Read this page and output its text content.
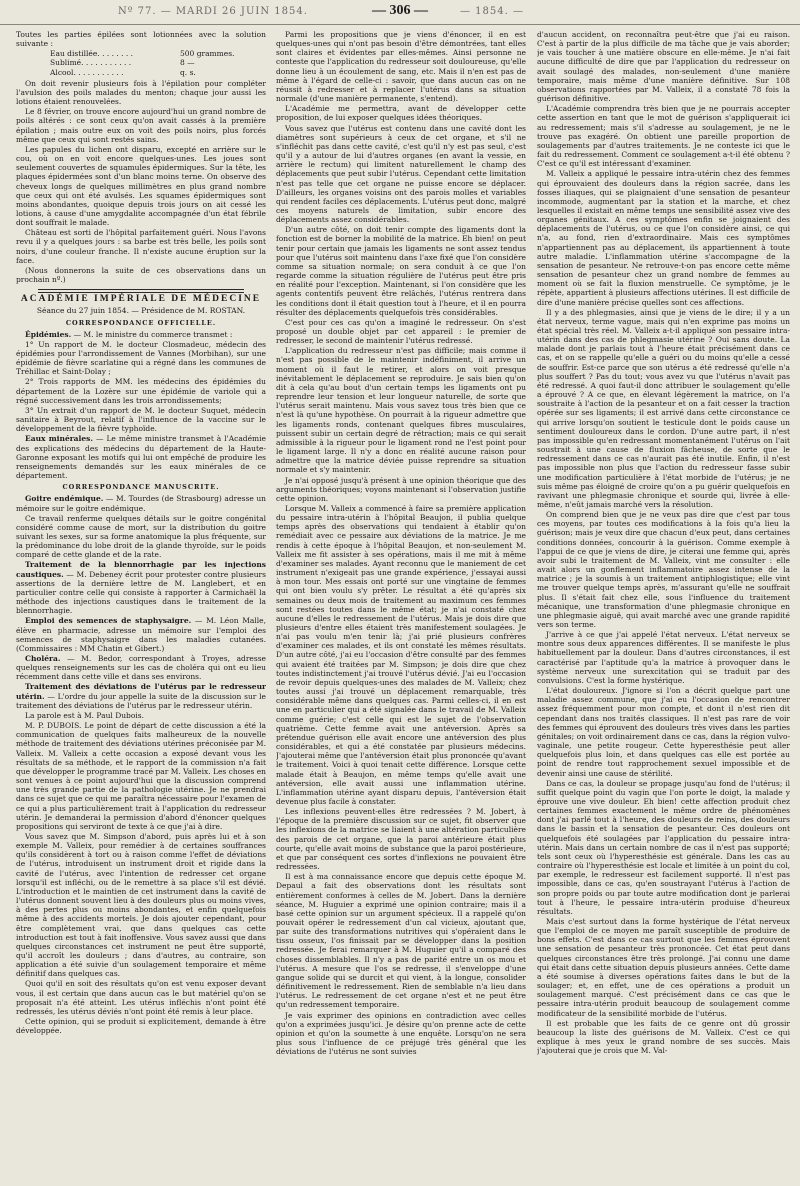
Nº 77. — MARDI 26 JUIN 1854.	— 306 —	— 1854. —

Toutes les parties épilées sont lotionnées avec la solution suivante :

Eau distillée. . . . . . . .	500 grammes.
Sublimé. . . . . . . . . . .	8 —
Alcool. . . . . . . . . . .	q. s.

On doit revenir plusieurs fois à l'épilation pour compléter l'avulsion des poils malades du menton; chaque jour aussi les lotions étaient renouvelées.

Le 8 février, on trouve encore aujourd'hui un grand nombre de poils altérés : ce sont ceux qu'on avait cassés à la première épilation ; mais outre eux on voit des poils noirs, plus forcés même que ceux qui sont restés sains.

Les papules du lichen ont disparu, excepté en arrière sur le cou, où on en voit encore quelques-unes. Les joues sont seulement couvertes de squamules épidermiques. Sur la tête, les plaques épidermées sont d'un blanc moins terne. On observe des cheveux longs de quelques millimètres en plus grand nombre que ceux qui ont été avulsés. Les squames épidermiques sont moins abondantes, quoique depuis trois jours on ait cessé les lotions, à cause d'une amygdalite accompagnée d'un état fébrile dont souffrait le malade.

Château est sorti de l'hôpital parfaitement guéri. Nous l'avons revu il y a quelques jours : sa barbe est très belle, les poils sont noirs, d'une couleur franche. Il n'existe aucune éruption sur la face.

(Nous donnerons la suite de ces observations dans un prochain nº.)

ACADÉMIE IMPÉRIALE DE MÉDECINE

Séance du 27 juin 1854. — Présidence de M. ROSTAN.

CORRESPONDANCE OFFICIELLE.

Épidémies. — M. le ministre du commerce transmet :

1° Un rapport de M. le docteur Closmadeuc, médecin des épidémies pour l'arrondissement de Vannes (Morbihan), sur une épidémie de fièvre scarlatine qui a régné dans les communes de Tréhillac et Saint-Dolay ;

2° Trois rapports de MM. les médecins des épidémies du département de la Lozère sur une épidémie de variole qui a régné successivement dans les trois arrondissements;

3° Un extrait d'un rapport de M. le docteur Suquet, médecin sanitaire à Beyrout, relatif à l'influence de la vaccine sur le développement de la fièvre typhoïde.

Eaux minérales. — Le même ministre transmet à l'Académie des explications des médecins du département de la Haute-Garonne exposant les motifs qui lui ont empêché de produire les renseignements demandés sur les eaux minérales de ce département.

CORRESPONDANCE MANUSCRITE.

Goitre endémique. — M. Tourdes (de Strasbourg) adresse un mémoire sur le goitre endémique.

Ce travail renferme quelques détails sur le goitre congénital considéré comme cause de mort, sur la distribution du goitre suivant les sexes, sur sa forme anatomique la plus fréquente, sur la prédominance du lobe droit de la glande thyroïde, sur le poids comparé de cette glande et de la rate.

Traitement de la blennorrhagie par les injections caustiques. — M. Debeney écrit pour protester contre plusieurs assertions de la dernière lettre de M. Langlebert, et en particulier contre celle qui consiste à rapporter à Carmichaël la méthode des injections caustiques dans le traitement de la blennorrhagie.

Emploi des semences de staphysaigre. — M. Léon Malle, élève en pharmacie, adresse un mémoire sur l'emploi des semences de staphysaigre dans les maladies cutanées. (Commissaires : MM Chatin et Gibert.)

Choléra. — M. Bedor, correspondant à Troyes, adresse quelques renseignements sur les cas de choléra qui ont eu lieu récemment dans cette ville et dans ses environs.

Traitement des déviations de l'utérus par le redresseur utérin. — L'ordre du jour appelle la suite de la discussion sur le traitement des déviations de l'utérus par le redresseur utérin.

La parole est à M. Paul Dubois.

M. P. DUBOIS. Le point de départ de cette discussion a été la communication de quelques faits malheureux de la nouvelle méthode de traitement des déviations utérines préconisée par M. Valleix. M. Valleix a cette occasion a exposé devant vous les résultats de sa méthode, et le rapport de la commission n'a fait que développer le programme tracé par M. Valleix. Les choses en sont venues à ce point aujourd'hui que la discussion comprend une très grande partie de la pathologie utérine. Je ne prendrai dans ce sujet que ce qui me paraîtra nécessaire pour l'examen de ce qui a plus particulièrement trait à l'application du redresseur utérin. Je demanderai la permission d'abord d'énoncer quelques propositions qui serviront de texte à ce que j'ai à dire.

Vous savez que M. Simpson d'abord, puis après lui et à son exemple M. Valleix, pour remédier à de certaines souffrances qu'ils considèrent à tort ou à raison comme l'effet de déviations de l'utérus, introduisent un instrument droit et rigide dans la cavité de l'utérus, avec l'intention de redresser cet organe lorsqu'il est infléchi, ou de le remettre à sa place s'il est dévié. L'introduction et le maintien de cet instrument dans la cavité de l'utérus donnent souvent lieu à des douleurs plus ou moins vives, à des pertes plus ou moins abondantes, et enfin quelquefois même à des accidents mortels. Je dois ajouter cependant, pour être complètement vrai, que dans quelques cas cette introduction est tout à fait inoffensive. Vous savez aussi que dans quelques circonstances cet instrument ne peut être supporté, qu'il accroît les douleurs ; dans d'autres, au contraire, son application a été suivie d'un soulagement temporaire et même définitif dans quelques cas.

Quoi qu'il en soit des résultats qu'on est venu exposer devant vous, il est certain que dans aucun cas le but matériel qu'on se proposait n'a été atteint. Les utérus infléchis n'ont point été redressés, les utérus déviés n'ont point été remis à leur place.

Cette opinion, qui se produit si explicitement, demande à être développée.

Parmi les propositions que je viens d'énoncer, il en est quelques-unes qui n'ont pas besoin d'être démontrées, tant elles sont claires et évidentes par elles-mêmes. Ainsi personne ne conteste que l'application du redresseur soit douloureuse, qu'elle donne lieu à un écoulement de sang, etc. Mais il n'en est pas de même à l'égard de celle-ci : savoir, que dans aucun cas on ne réussit à redresser et à replacer l'utérus dans sa situation normale (d'une manière permanente, s'entend).

L'Académie me permettra, avant de développer cette proposition, de lui exposer quelques idées théoriques.

Vous savez que l'utérus est contenu dans une cavité dont les diamètres sont supérieurs à ceux de cet organe, et s'il ne s'infléchit pas dans cette cavité, c'est qu'il n'y est pas seul, c'est qu'il y a autour de lui d'autres organes (en avant la vessie, en arrière le rectum) qui limitent naturellement le champ des déplacements que peut subir l'utérus. Cependant cette limitation n'est pas telle que cet organe ne puisse encore se déplacer. D'ailleurs, les organes voisins ont des parois molles et variables qui rendent faciles ces déplacements. L'utérus peut donc, malgré ces moyens naturels de limitation, subir encore des déplacements assez considérables.

D'un autre côté, on doit tenir compte des ligaments dont la fonction est de borner la mobilité de la matrice. Eh bien! on peut tenir pour certain que jamais les ligaments ne sont assez tendus pour que l'utérus soit maintenu dans l'axe fixé que l'on considère comme sa situation normale; on sera conduit à ce que l'on regarde comme la situation régulière de l'utérus peut être pris en réalité pour l'exception. Maintenant, si l'on considère que les agents contentifs peuvent être relâchés, l'utérus rentrera dans les conditions dont il était question tout à l'heure, et il en pourra résulter des déplacements quelquefois très considérables.

C'est pour ces cas qu'on a imaginé le redresseur. On s'est proposé un double objet par cet appareil : le premier de redresser, le second de maintenir l'utérus redressé.

L'application du redresseur n'est pas difficile; mais comme il n'est pas possible de le maintenir indéfiniment, il arrive un moment où il faut le retirer, et alors on voit presque inévitablement le déplacement se reproduire. Je sais bien qu'on dit à cela qu'au bout d'un certain temps les ligaments ont pu reprendre leur tension et leur longueur naturelle, de sorte que l'utérus serait maintenu. Mais vous savez tous très bien que ce n'est là qu'une hypothèse. On pourrait à la rigueur admettre que les ligaments ronds, contenant quelques fibres musculaires, puissent subir un certain degré de rétraction; mais ce qui serait admissible à la rigueur pour le ligament rond ne l'est point pour le ligament large. Il n'y a donc en réalité aucune raison pour admettre que la matrice déviée puisse reprendre sa situation normale et s'y maintenir.

Je n'ai opposé jusqu'à présent à une opinion théorique que des arguments théoriques; voyons maintenant si l'observation justifie cette opinion.

Lorsque M. Valleix a commencé à faire sa première application du pessaire intra-utérin à l'hôpital Beaujon, il publia quelque temps après des observations qui tendaient à établir qu'on remédiait avec ce pessaire aux déviations de la matrice. Je me rendis à cette époque à l'hôpital Beaujon, et non-seulement M. Valleix me fit assister à ses opérations, mais il me mit à même d'examiner ses malades. Ayant reconnu que le maniement de cet instrument n'exigeait pas une grande expérience, j'essayai aussi à mon tour. Mes essais ont porté sur une vingtaine de femmes qui ont bien voulu s'y prêter. Le résultat a été qu'après six semaines ou deux mois de traitement au maximum ces femmes sont restées toutes dans le même état; je n'ai constaté chez aucune d'elles le redressement de l'utérus. Mais je dois dire que plusieurs d'entre elles étaient très manifestement soulagées. Je n'ai pas voulu m'en tenir là; j'ai prié plusieurs confrères d'examiner ces malades, et ils ont constaté les mêmes résultats. D'un autre côté, j'ai eu l'occasion d'être consulté par des femmes qui avaient été traitées par M. Simpson; je dois dire que chez toutes indistinctement j'ai trouvé l'utérus dévié. J'ai eu l'occasion de revoir depuis quelques-unes des malades de M. Valleix; chez toutes aussi j'ai trouvé un déplacement remarquable, très considérable même dans quelques cas. Parmi celles-ci, il en est une en particulier qui a été signalée dans le travail de M. Valleix comme guérie; c'est celle qui est le sujet de l'observation quatrième. Cette femme avait une antéversion. Après sa prétendue guérison elle avait encore une antéversion des plus considérables, et qui a été constatée par plusieurs médecins. J'ajouterai même que l'antéversion était plus prononcée qu'avant le traitement. Voici à quoi tenait cette différence. Lorsque cette malade était à Beaujon, en même temps qu'elle avait une antéversion, elle avait aussi une inflammation utérine. L'inflammation utérine ayant disparu depuis, l'antéversion était devenue plus facile à constater.

Les inflexions peuvent-elles être redressées ? M. Jobert, à l'époque de la première discussion sur ce sujet, fit observer que les inflexions de la matrice se liaient à une altération particulière des parois de cet organe, que la paroi antérieure était plus courte, qu'elle avait moins de substance que la paroi postérieure, et que par conséquent ces sortes d'inflexions ne pouvaient être redressées.

Il est à ma connaissance encore que depuis cette époque M. Depaul a fait des observations dont les résultats sont entièrement conformes à celles de M. Jobert. Dans la dernière séance, M. Huguier a exprimé une opinion contraire; mais il a basé cette opinion sur un argument spécieux. Il a rappelé qu'on pouvait opérer le redressement d'un cal vicieux, ajoutant que, par suite des transformations nutritives qui s'opéraient dans le tissu osseux, l'os finissait par se développer dans la position redressée. Je ferai remarquer à M. Huguier qu'il a comparé des choses dissemblables. Il n'y a pas de parité entre un os mou et l'utérus. A mesure que l'os se redresse, il s'enveloppe d'une gangue solide qui se durcit et qui vient, à la longue, consolider définitivement le redressement. Rien de semblable n'a lieu dans l'utérus. Le redressement de cet organe n'est et ne peut être qu'un redressement temporaire.

Je vais exprimer des opinions en contradiction avec celles qu'on a exprimées jusqu'ici. Je désire qu'on prenne acte de cette opinion et qu'on la soumette à une enquête. Lorsqu'on ne sera plus sous l'influence de ce préjugé très général que les déviations de l'utérus ne sont suivies

d'aucun accident, on reconnaîtra peut-être que j'ai eu raison. C'est à partir de la plus difficile de ma tâche que je vais aborder; je vais toucher à une matière obscure en elle-même. Je n'ai fait aucune difficulté de dire que par l'application du redresseur on avait soulagé des malades, non-seulement d'une manière temporaire, mais même d'une manière définitive. Sur 108 observations rapportées par M. Valleix, il a constaté 78 fois la guérison définitive.

L'Académie comprendra très bien que je ne pourrais accepter cette assertion en tant que le mot de guérison s'appliquerait ici au redressement; mais s'il s'adresse au soulagement, je ne le trouve pas exagéré. On obtient une pareille proportion de soulagements par d'autres traitements. Je ne conteste ici que le fait du redressement. Comment ce soulagement a-t-il été obtenu ? C'est ce qu'il est intéressant d'examiner.

M. Valleix a appliqué le pessaire intra-utérin chez des femmes qui éprouvaient des douleurs dans la région sacrée, dans les fosses iliaques, qui se plaignaient d'une sensation de pesanteur incommode, augmentant par la station et la marche, et chez lesquelles il existait en même temps une sensibilité assez vive des organes génitaux. A ces symptômes enfin se joignaient des déplacements de l'utérus, ou ce que l'on considère ainsi, ce qui n'a, au fond, rien d'extraordinaire. Mais ces symptômes n'appartiennent pas au déplacement, ils appartiennent à toute autre maladie. L'inflammation utérine s'accompagne de la sensation de pesanteur. Ne retrouve-t-on pas encore cette même sensation de pesanteur chez un grand nombre de femmes au moment où se fait la fluxion menstruelle. Ce symptôme, je le répète, appartient à plusieurs affections utérines. Il est difficile de dire d'une manière précise quelles sont ces affections.

Il y a des phlegmasies, ainsi que je viens de le dire; il y a un état nerveux, terme vague, mais qui n'en exprime pas moins un état spécial très réel. M. Valleix a-t-il appliqué son pessaire intra-utérin dans des cas de phlegmasie utérine ? Oui sans doute. La malade dont je parlais tout à l'heure était précisément dans ce cas, et on se rappelle qu'elle a guéri ou du moins qu'elle a cessé de souffrir. Est-ce parce que son utérus a été redressé qu'elle n'a plus souffert ? Pas du tout; vous avez vu que l'utérus n'avait pas été redressé. A quoi faut-il donc attribuer le soulagement qu'elle a éprouvé ? A ce que, en élevant légèrement la matrice, on l'a soustraite à l'action de la pesanteur et on a fait cesser la traction opérée sur ses ligaments; il est arrivé dans cette circonstance ce qui arrive lorsqu'on soutient le testicule dont le poids cause un sentiment douloureux dans le cordon. D'une autre part, il n'est pas impossible qu'en redressant momentanément l'utérus on l'ait soustrait à une cause de fluxion fâcheuse, de sorte que le redressement dans ce cas n'aurait pas été inutile. Enfin, il n'est pas impossible non plus que l'action du redresseur fasse subir une modification particulière à l'état morbide de l'utérus; je ne suis même pas éloigné de croire qu'on a pu guérir quelquefois en ravivant une phlegmasie chronique et sourde qui, livrée à elle-même, n'eût jamais marché vers la résolution.

On comprend bien que je ne veux pas dire que c'est par tous ces moyens, par toutes ces modifications à la fois qu'a lieu la guérison; mais je veux dire que chacun d'eux peut, dans certaines conditions données, concourir à la guérison. Comme exemple à l'appui de ce que je viens de dire, je citerai une femme qui, après avoir subi le traitement de M. Valleix, vint me consulter : elle avait alors un gonflement inflammatoire assez intense de la matrice ; je la soumis à un traitement antiphlogistique; elle vint me trouver quelque temps après, m'assurant qu'elle ne souffrait plus. Il s'était fait chez elle, sous l'influence du traitement mécanique, une transformation d'une phlegmasie chronique en une phlegmasie aiguë, qui avait marché avec une grande rapidité vers son terme.

J'arrive à ce que j'ai appelé l'état nerveux. L'état nerveux se montre sous deux apparences différentes. Il se manifeste le plus habituellement par la douleur. Dans d'autres circonstances, il est caractérisé par l'aptitude qu'a la matrice à provoquer dans le système nerveux une surexcitation qui se traduit par des convulsions. C'est la forme hystérique.

L'état douloureux. J'ignore si l'on a décrit quelque part une maladie assez commune, que j'ai eu l'occasion de rencontrer assez fréquemment pour mon compte, et dont il n'est rien dit cependant dans nos traités classiques. Il n'est pas rare de voir des femmes qui éprouvent des douleurs très vives dans les parties génitales; on voit ordinairement dans ce cas, dans la région vulvo-vaginale, une petite rougeur. Cette hyperesthésie peut aller quelquefois plus loin, et dans quelques cas elle est portée au point de rendre tout rapprochement sexuel impossible et de devenir ainsi une cause de stérilité.

Dans ce cas, la douleur se propage jusqu'au fond de l'utérus; il suffit quelque point du vagin que l'on porte le doigt, la malade y éprouve une vive douleur. Eh bien! cette affection produit chez certaines femmes exactement le même ordre de phénomènes dont j'ai parlé tout à l'heure, des douleurs de reins, des douleurs dans le bassin et la sensation de pesanteur. Ces douleurs ont quelquefois été soulagées par l'application du pessaire intra-utérin. Mais dans un certain nombre de cas il n'est pas supporté; tels sont ceux où l'hyperesthésie est générale. Dans les cas au contraire où l'hyperesthésie est locale et limitée à un point du col, par exemple, le redresseur est facilement supporté. Il n'est pas impossible, dans ce cas, qu'en soustrayant l'utérus à l'action de son propre poids ou par toute autre modification dont je parlerai tout à l'heure, le pessaire intra-utérin produise d'heureux résultats.

Mais c'est surtout dans la forme hystérique de l'état nerveux que l'emploi de ce moyen me paraît susceptible de produire de bons effets. C'est dans ce cas surtout que les femmes éprouvent une sensation de pesanteur très prononcée. Cet état peut dans quelques circonstances être très prolongé. J'ai connu une dame qui était dans cette situation depuis plusieurs années. Cette dame a été soumise à diverses opérations faites dans le but de la soulager; et, en effet, une de ces opérations a produit un soulagement marqué. C'est précisément dans ce cas que le pessaire intra-utérin produit beaucoup de soulagement comme modificateur de la sensibilité morbide de l'utérus.

Il est probable que les faits de ce genre ont dû grossir beaucoup la liste des guérisons de M. Valleix. C'est ce qui explique à mes yeux le grand nombre de ses succès. Mais j'ajouterai que je crois que M. Val-
